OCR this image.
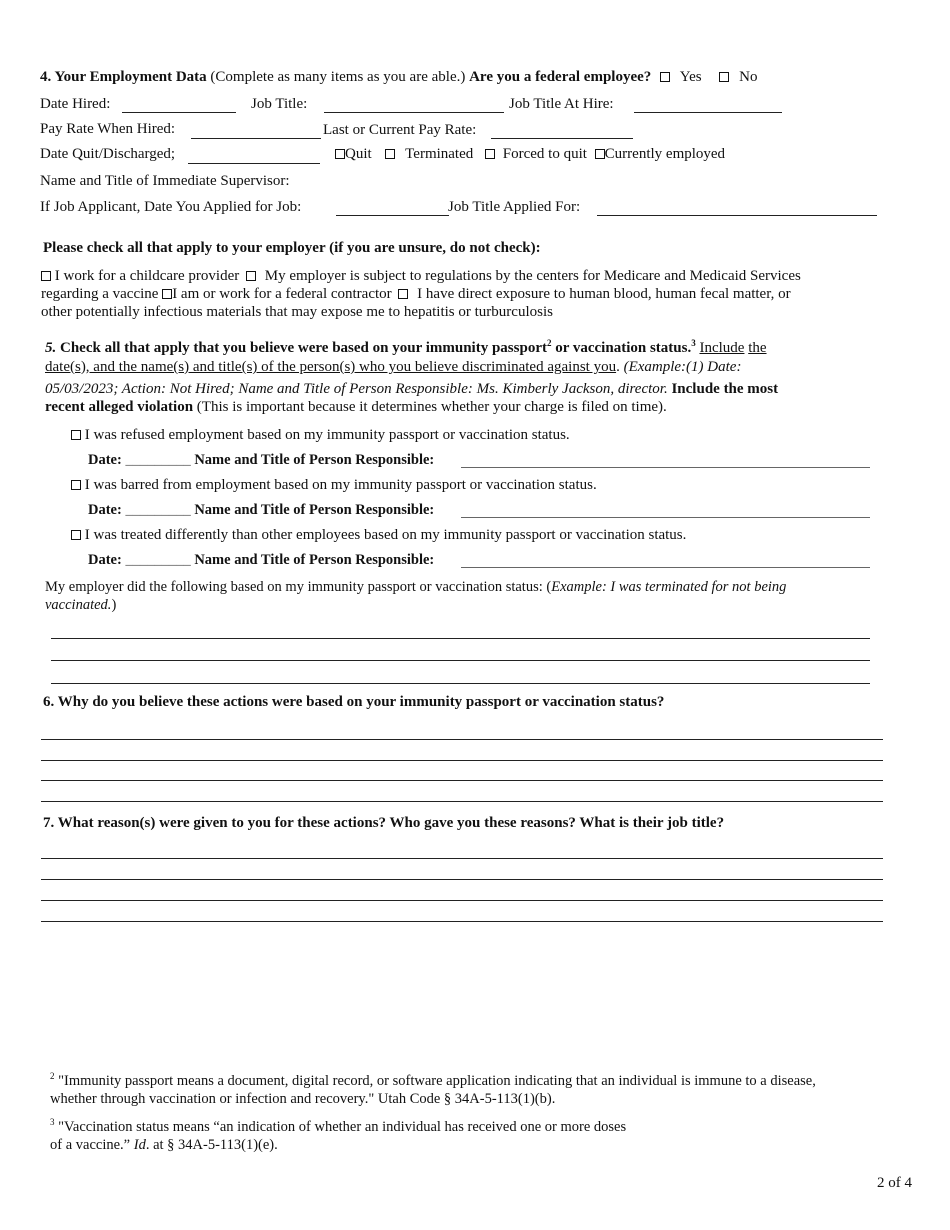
4. Your Employment Data (Complete as many items as you are able.) Are you a federal employee? Yes	No
Date Hired:	Job Title:	Job Title At Hire:
Pay Rate When Hired:	Last or Current Pay Rate:
Date Quit/Discharged;	Quit Terminated Forced to quit Currently employed
Name and Title of Immediate Supervisor:
If Job Applicant, Date You Applied for Job:	Job Title Applied For:
Please check all that apply to your employer (if you are unsure, do not check):
I work for a childcare provider My employer is subject to regulations by the centers for Medicare and Medicaid Services
regarding a vaccine I am or work for a federal contractor I have direct exposure to human blood, human fecal matter, or
other potentially infectious materials that may expose me to hepatitis or turburculosis
5. Check all that apply that you believe were based on your immunity passport$^2$ or vaccination status.$^3$ Include the
date(s), and the name(s) and title(s) of the person(s) who you believe discriminated against you. (Example:(1) Date:
05/03/2023; Action: Not Hired; Name and Title of Person Responsible: Ms. Kimberly Jackson, director. Include the most
recent alleged violation (This is important because it determines whether your charge is filed on time).
I was refused employment based on my immunity passport or vaccination status.
Date: _________ Name and Title of Person Responsible:
I was barred from employment based on my immunity passport or vaccination status.
Date: _________ Name and Title of Person Responsible:
I was treated differently than other employees based on my immunity passport or vaccination status.
Date: _________ Name and Title of Person Responsible:
My employer did the following based on my immunity passport or vaccination status: (Example: I was terminated for not being
vaccinated.)
6. Why do you believe these actions were based on your immunity passport or vaccination status?
7. What reason(s) were given to you for these actions? Who gave you these reasons? What is their job title?
$^2$ "Immunity passport means a document, digital record, or software application indicating that an individual is immune to a disease,
whether through vaccination or infection and recovery." Utah Code § 34A-5-113(1)(b).
$^3$ "Vaccination status means “an indication of whether an individual has received one or more doses
of a vaccine.” Id. at § 34A-5-113(1)(e).
2 of 4
